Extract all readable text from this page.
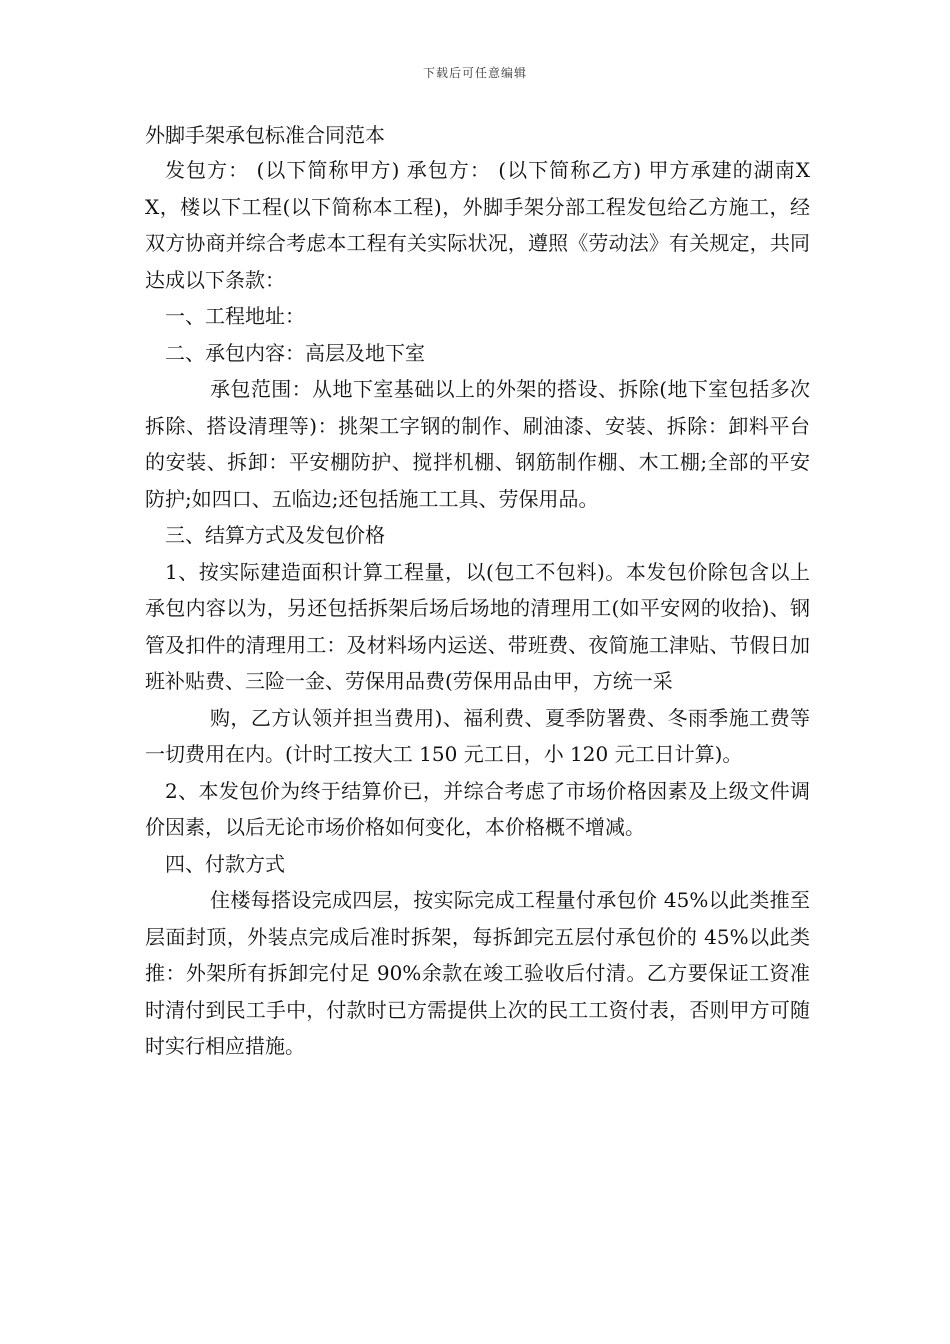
下载后可任意编辑
外脚手架承包标准合同范本

发包方： (以下简称甲方) 承包方： (以下简称乙方) 甲方承建的湖南XX，楼以下工程(以下简称本工程)，外脚手架分部工程发包给乙方施工，经双方协商并综合考虑本工程有关实际状况，遵照《劳动法》有关规定，共同达成以下条款：

一、工程地址：

二、承包内容：高层及地下室

承包范围：从地下室基础以上的外架的搭设、拆除(地下室包括多次拆除、搭设清理等)：挑架工字钢的制作、刷油漆、安装、拆除：卸料平台的安装、拆卸：平安棚防护、搅拌机棚、钢筋制作棚、木工棚;全部的平安防护;如四口、五临边;还包括施工工具、劳保用品。

三、结算方式及发包价格

1、按实际建造面积计算工程量，以(包工不包料)。本发包价除包含以上承包内容以为，另还包括拆架后场后场地的清理用工(如平安网的收拾)、钢管及扣件的清理用工：及材料场内运送、带班费、夜简施工津贴、节假日加班补贴费、三险一金、劳保用品费(劳保用品由甲，方统一采

购，乙方认领并担当费用)、福利费、夏季防署费、冬雨季施工费等一切费用在内。(计时工按大工 150 元工日，小 120 元工日计算)。

2、本发包价为终于结算价已，并综合考虑了市场价格因素及上级文件调价因素，以后无论市场价格如何变化，本价格概不增减。

四、付款方式

住楼每搭设完成四层，按实际完成工程量付承包价 45%以此类推至层面封顶，外装点完成后准时拆架，每拆卸完五层付承包价的 45%以此类推：外架所有拆卸完付足 90%余款在竣工验收后付清。乙方要保证工资准时清付到民工手中，付款时已方需提供上次的民工工资付表，否则甲方可随时实行相应措施。
